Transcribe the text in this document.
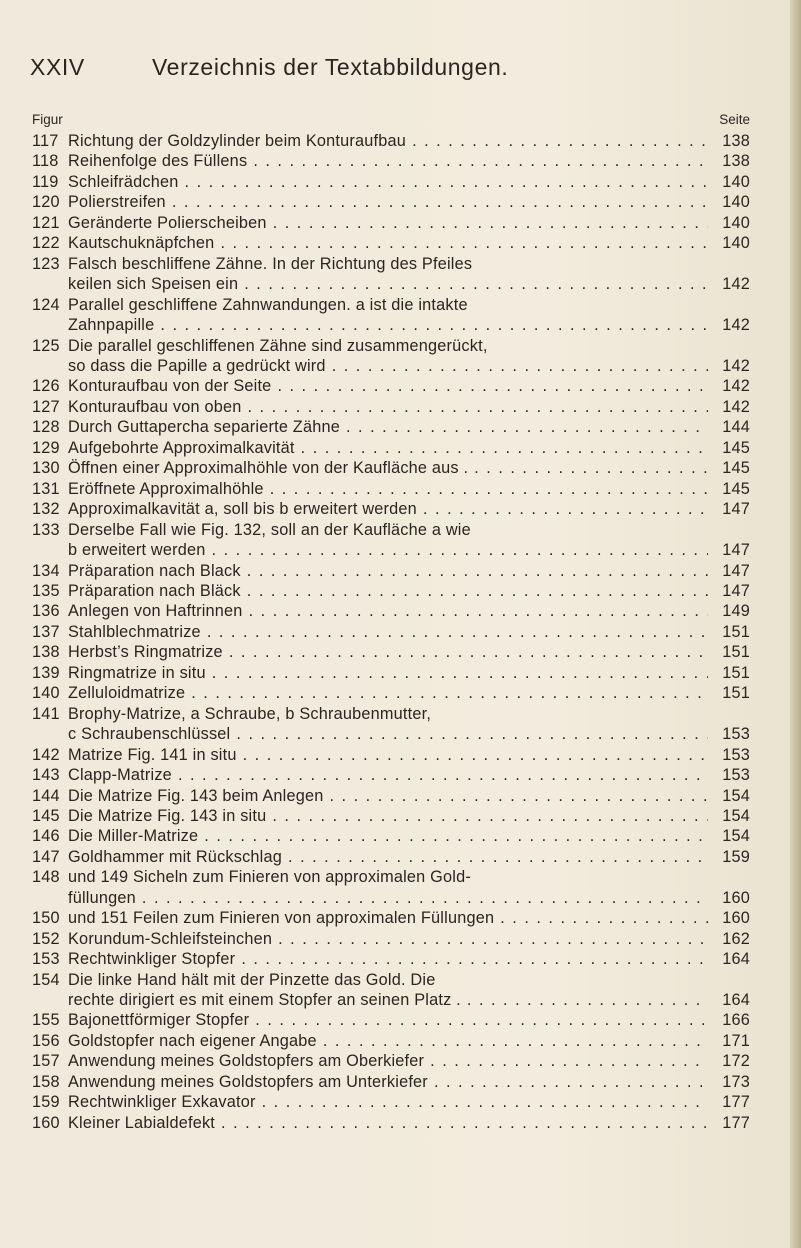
XXIV	Verzeichnis der Textabbildungen.
Figur	Seite
117 Richtung der Goldzylinder beim Konturaufbau . . .	138
118 Reihenfolge des Füllens . . .	138
119 Schleifrädchen . . .	140
120 Polierstreifen . . .	140
121 Geränderte Polierscheiben . . .	140
122 Kautschuknäpfchen . . .	140
123 Falsch beschliffene Zähne. In der Richtung des Pfeiles
keilen sich Speisen ein . . .	142
124 Parallel geschliffene Zahnwandungen. a ist die intakte
Zahnpapille . . .	142
125 Die parallel geschliffenen Zähne sind zusammengerückt,
so dass die Papille a gedrückt wird . . .	142
126 Konturaufbau von der Seite . . .	142
127 Konturaufbau von oben . . .	142
128 Durch Guttapercha separierte Zähne . . .	144
129 Aufgebohrte Approximalkavität . . .	145
130 Öffnen einer Approximalhöhle von der Kaufläche aus . . . .	145
131 Eröffnete Approximalhöhle . . .	145
132 Approximalkavität a, soll bis b erweitert werden . . .	147
133 Derselbe Fall wie Fig. 132, soll an der Kaufläche a wie
b erweitert werden . . .	147
134 Präparation nach Black . . .	147
135 Präparation nach Bläck . . .	147
136 Anlegen von Haftrinnen . . .	149
137 Stahlblechmatrize . . .	151
138 Herbst’s Ringmatrize . . .	151
139 Ringmatrize in situ . . .	151
140 Zelluloidmatrize . . .	151
141 Brophy-Matrize, a Schraube, b Schraubenmutter,
c Schraubenschlüssel . . .	153
142 Matrize Fig. 141 in situ . . .	153
143 Clapp-Matrize . . .	153
144 Die Matrize Fig. 143 beim Anlegen . . .	154
145 Die Matrize Fig. 143 in situ . . .	154
146 Die Miller-Matrize . . .	154
147 Goldhammer mit Rückschlag . . .	159
148 und 149 Sicheln zum Finieren von approximalen Gold-
füllungen . . .	160
150 und 151 Feilen zum Finieren von approximalen Füllungen . . .	160
152 Korundum-Schleifsteinchen . . .	162
153 Rechtwinkliger Stopfer . . .	164
154 Die linke Hand hält mit der Pinzette das Gold. Die
rechte dirigiert es mit einem Stopfer an seinen Platz . . . .	164
155 Bajonettförmiger Stopfer . . .	166
156 Goldstopfer nach eigener Angabe . . .	171
157 Anwendung meines Goldstopfers am Oberkiefer . . .	172
158 Anwendung meines Goldstopfers am Unterkiefer . . .	173
159 Rechtwinkliger Exkavator . . .	177
160 Kleiner Labialdefekt . . .	177
